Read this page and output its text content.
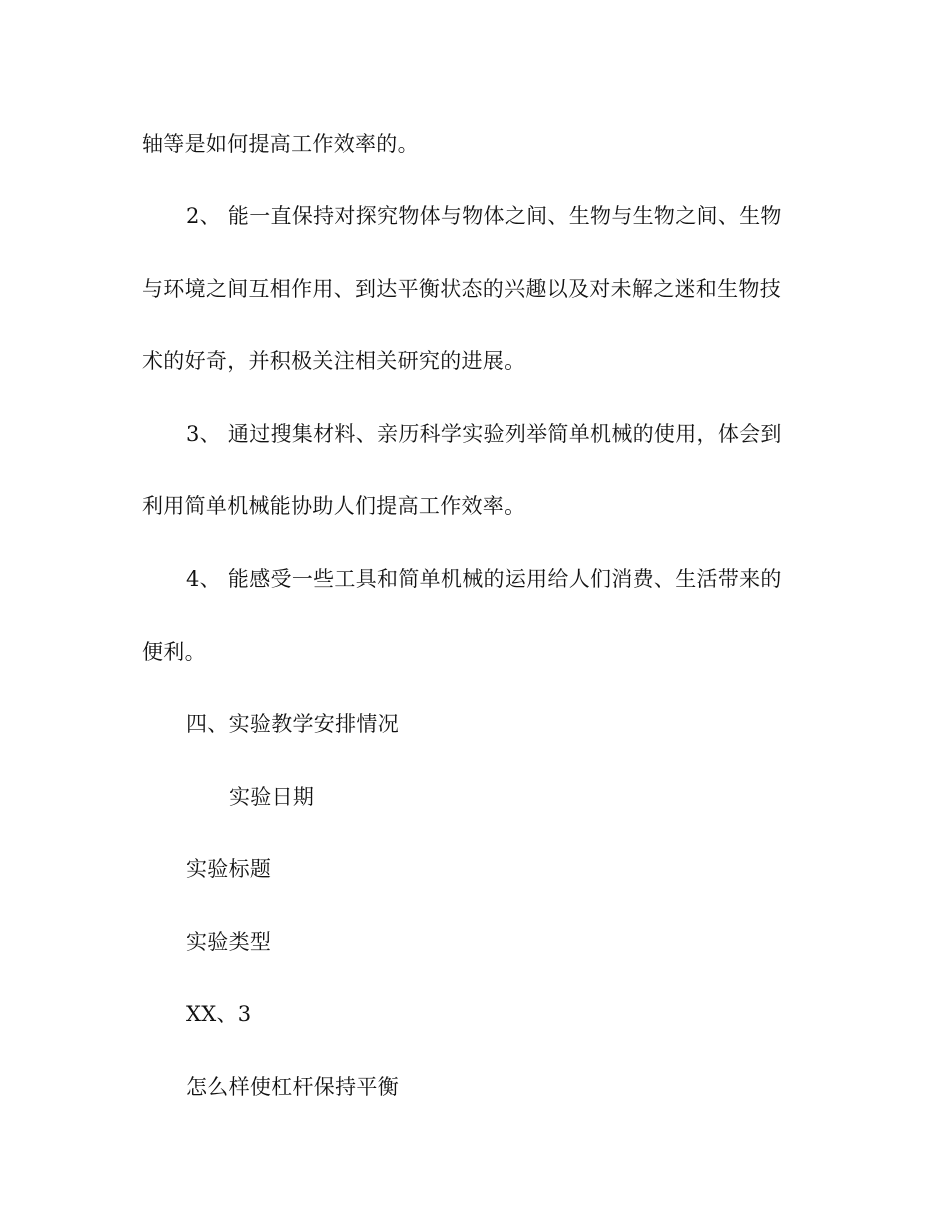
轴等是如何提高工作效率的。
2、 能一直保持对探究物体与物体之间、生物与生物之间、生物
与环境之间互相作用、到达平衡状态的兴趣以及对未解之迷和生物技
术的好奇，并积极关注相关研究的进展。
3、 通过搜集材料、亲历科学实验列举简单机械的使用，体会到
利用简单机械能协助人们提高工作效率。
4、 能感受一些工具和简单机械的运用给人们消费、生活带来的
便利。
四、实验教学安排情况
实验日期
实验标题
实验类型
XX、3
怎么样使杠杆保持平衡
